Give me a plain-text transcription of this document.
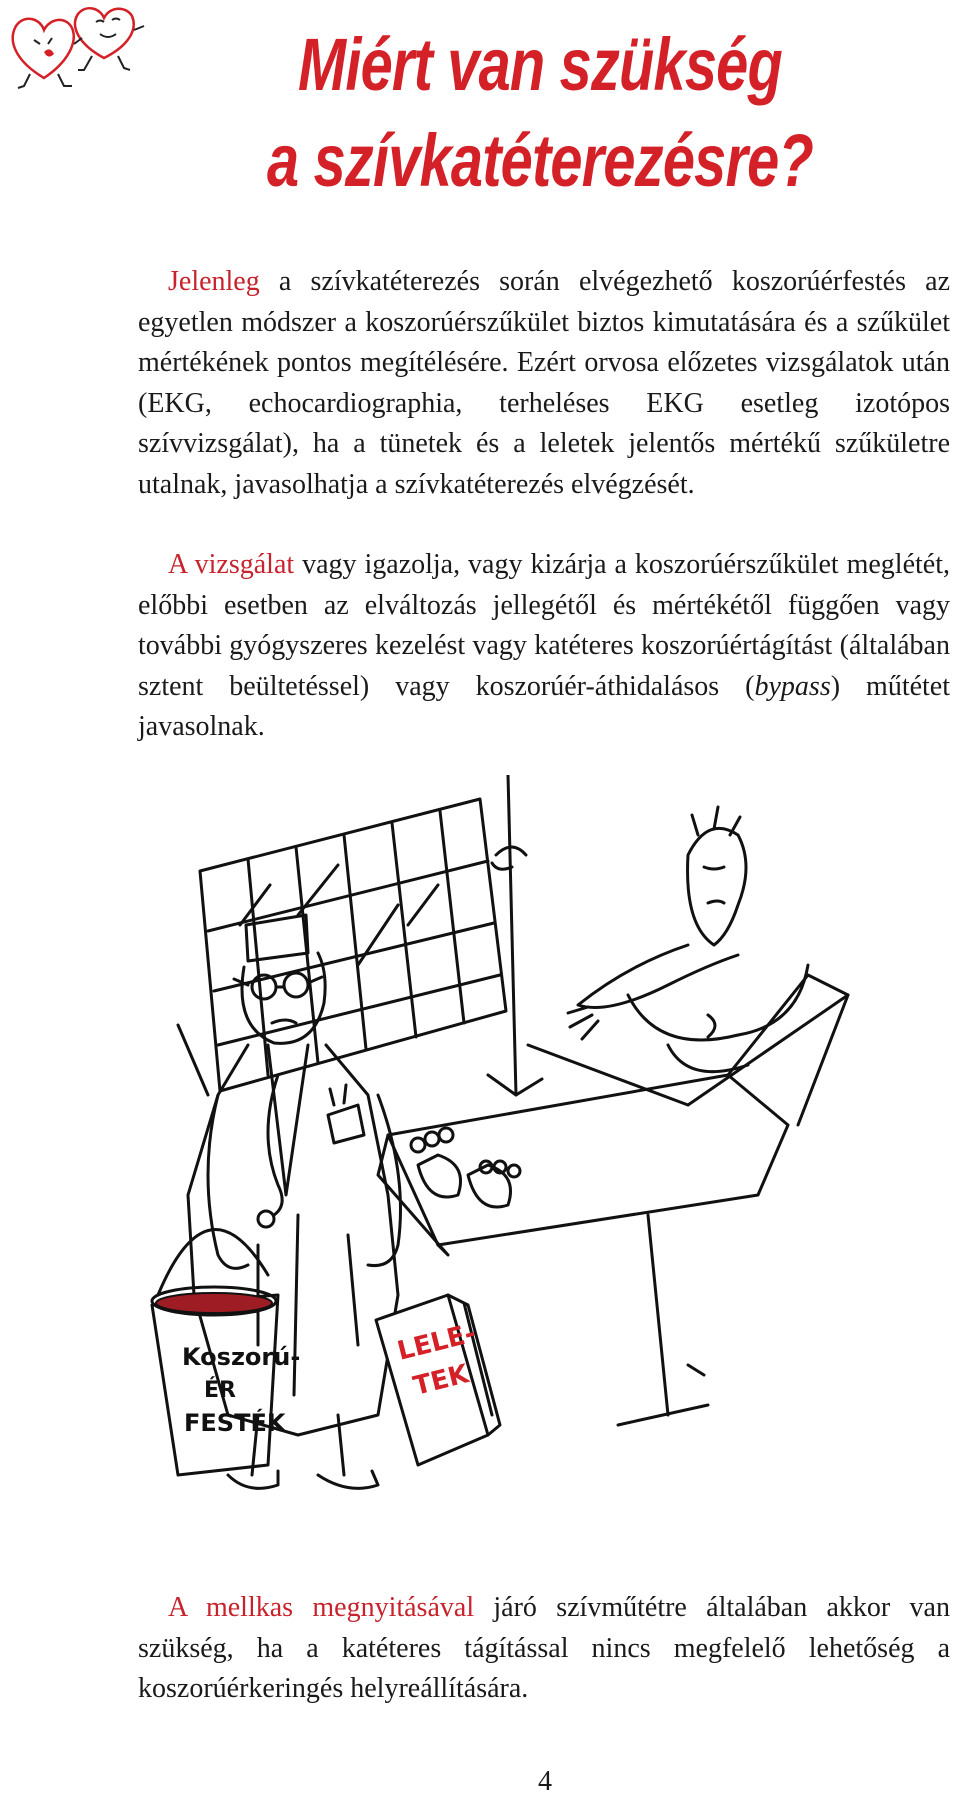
Miért van szükség
a szívkatéterezésre?

Jelenleg a szívkatéterezés során elvégezhető koszorúérfestés az egyetlen módszer a koszorúérszűkület biztos kimutatására és a szűkület mértékének pontos megítélésére. Ezért orvosa előzetes vizsgálatok után (EKG, echocardiographia, terheléses EKG esetleg izotópos szívvizsgálat), ha a tünetek és a leletek jelentős mértékű szűkületre utalnak, javasolhatja a szívkatéterezés elvégzését.

A vizsgálat vagy igazolja, vagy kizárja a koszorúérszűkület meglétét, előbbi esetben az elváltozás jellegétől és mértékétől függően vagy további gyógyszeres kezelést vagy katéteres koszorúértágítást (általában sztent beültetéssel) vagy koszorúér-áthidalásos (bypass) műtétet javasolnak.

Koszorú-
ÉR
FESTÉK
LELE-
TEK

A mellkas megnyitásával járó szívműtétre általában akkor van szükség, ha a katéteres tágítással nincs megfelelő lehetőség a koszorúérkeringés helyreállítására.

4
